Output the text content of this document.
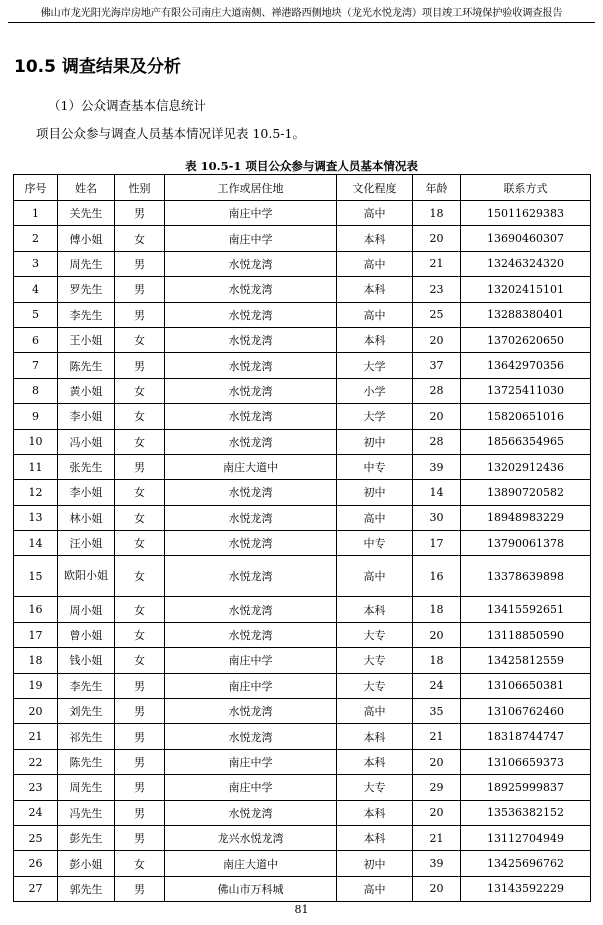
佛山市龙光阳光海岸房地产有限公司南庄大道南侧、禅港路西侧地块（龙光水悦龙湾）项目竣工环境保护验收调查报告
10.5 调查结果及分析
（1）公众调查基本信息统计
项目公众参与调查人员基本情况详见表 10.5-1。
表 10.5-1 项目公众参与调查人员基本情况表
序号	姓名	性别	工作或居住地	文化程度	年龄	联系方式
1	关先生	男	南庄中学	高中	18	15011629383
2	傅小姐	女	南庄中学	本科	20	13690460307
3	周先生	男	水悦龙湾	高中	21	13246324320
4	罗先生	男	水悦龙湾	本科	23	13202415101
5	李先生	男	水悦龙湾	高中	25	13288380401
6	王小姐	女	水悦龙湾	本科	20	13702620650
7	陈先生	男	水悦龙湾	大学	37	13642970356
8	黄小姐	女	水悦龙湾	小学	28	13725411030
9	李小姐	女	水悦龙湾	大学	20	15820651016
10	冯小姐	女	水悦龙湾	初中	28	18566354965
11	张先生	男	南庄大道中	中专	39	13202912436
12	李小姐	女	水悦龙湾	初中	14	13890720582
13	林小姐	女	水悦龙湾	高中	30	18948983229
14	汪小姐	女	水悦龙湾	中专	17	13790061378
15	欧阳小姐	女	水悦龙湾	高中	16	13378639898
16	周小姐	女	水悦龙湾	本科	18	13415592651
17	曾小姐	女	水悦龙湾	大专	20	13118850590
18	钱小姐	女	南庄中学	大专	18	13425812559
19	李先生	男	南庄中学	大专	24	13106650381
20	刘先生	男	水悦龙湾	高中	35	13106762460
21	祁先生	男	水悦龙湾	本科	21	18318744747
22	陈先生	男	南庄中学	本科	20	13106659373
23	周先生	男	南庄中学	大专	29	18925999837
24	冯先生	男	水悦龙湾	本科	20	13536382152
25	彭先生	男	龙兴水悦龙湾	本科	21	13112704949
26	彭小姐	女	南庄大道中	初中	39	13425696762
27	郭先生	男	佛山市万科城	高中	20	13143592229
81
